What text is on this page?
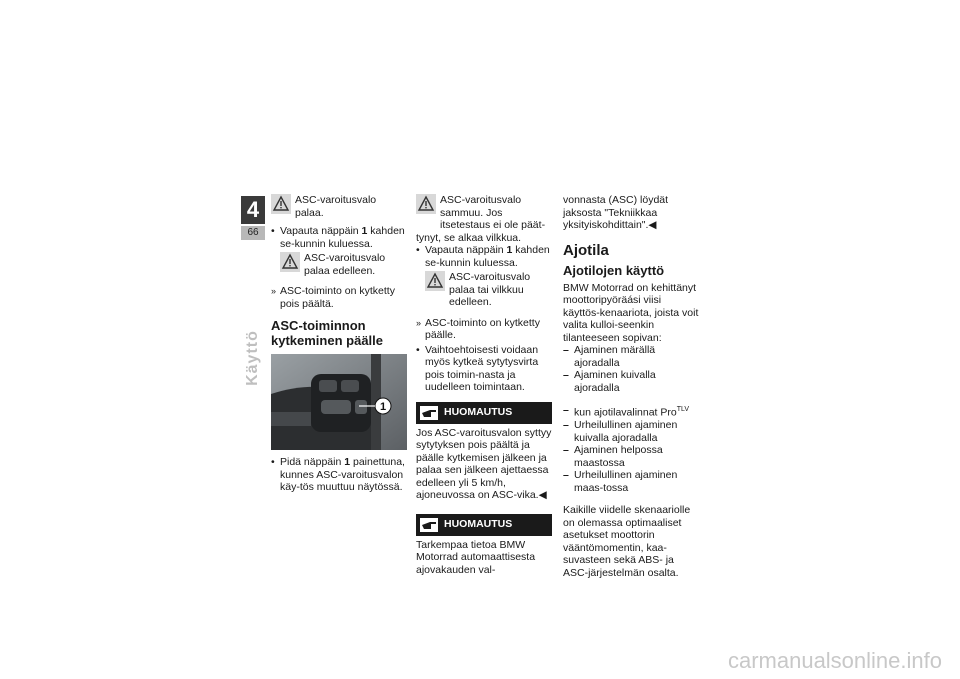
4
66
Käyttö
ASC-varoitusvalo palaa.
• Vapauta näppäin 1 kahden se-kunnin kuluessa.
ASC-varoitusvalo palaa edelleen.
» ASC-toiminto on kytketty pois päältä.
ASC-toiminnon kytkeminen päälle
1
• Pidä näppäin 1 painettuna, kunnes ASC-varoitusvalon käy-tös muuttuu näytössä.
ASC-varoitusvalo sammuu. Jos itsetestaus ei ole päät-

tynyt, se alkaa vilkkua.

• Vapauta näppäin 1 kahden se-kunnin kuluessa.
ASC-varoitusvalo palaa tai vilkkuu edelleen.
» ASC-toiminto on kytketty päälle.
• Vaihtoehtoisesti voidaan myös kytkeä sytytysvirta pois toimin-nasta ja uudelleen toimintaan.
HUOMAUTUS

Jos ASC-varoitusvalon syttyy sytytyksen pois päältä ja päälle kytkemisen jälkeen ja palaa sen jälkeen ajettaessa edelleen yli 5 km/h, ajoneuvossa on ASC-vika.◀

HUOMAUTUS

Tarkempaa tietoa BMW Motorrad automaattisesta ajovakauden val-

vonnasta (ASC) löydät jaksosta "Tekniikkaa yksityiskohdittain".◀

Ajotila
Ajotilojen käyttö

BMW Motorrad on kehittänyt moottoripyöräási viisi käyttös-kenaariota, joista voit valita kulloi-seenkin tilanteeseen sopivan:

– Ajaminen märällä ajoradalla
– Ajaminen kuivalla ajoradalla
– kun ajotilavalinnat Pro$^{TLV}$
– Urheilullinen ajaminen kuivalla ajoradalla
– Ajaminen helpossa maastossa
– Urheilullinen ajaminen maas-tossa

Kaikille viidelle skenaariolle on olemassa optimaaliset asetukset moottorin vääntömomentin, kaa-suvasteen sekä ABS- ja ASC-järjestelmän osalta.

carmanualsonline.info
